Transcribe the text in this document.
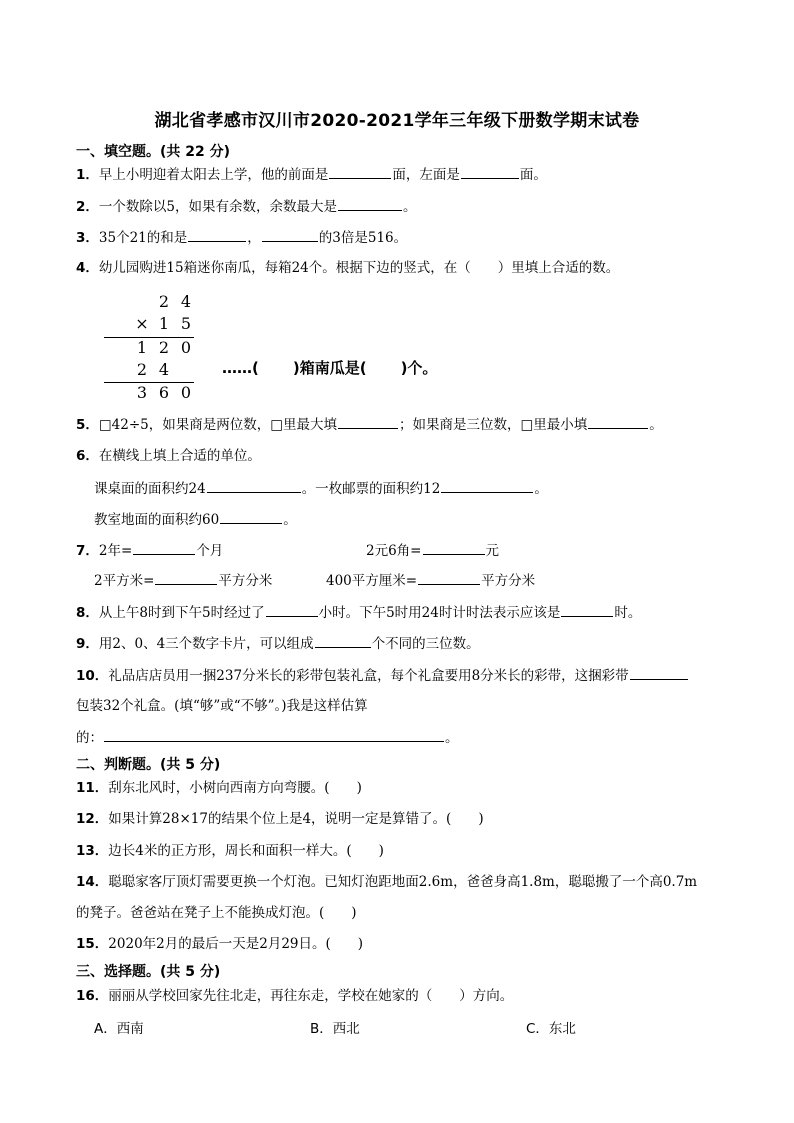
湖北省孝感市汉川市2020-2021学年三年级下册数学期末试卷
一、填空题。(共 22 分)
1．早上小明迎着太阳去上学，他的前面是	面，左面是	面。
2．一个数除以5，如果有余数，余数最大是	。
3．35个21的和是	，	的3倍是516。
4．幼儿园购进15箱迷你南瓜，每箱24个。根据下边的竖式，在（　　）里填上合适的数。
2 4
× 1 5
1 2 0
2 4
3 6 0
……( )箱南瓜是( )个。
5．□42÷5，如果商是两位数，□里最大填	；如果商是三位数，□里最小填	。
6．在横线上填上合适的单位。
课桌面的面积约24	。一枚邮票的面积约12	。
教室地面的面积约60	。
7．2年=	个月	2元6角=	元
2平方米=	平方分米	400平方厘米=	平方分米
8．从上午8时到下午5时经过了	小时。下午5时用24时计时法表示应该是	时。
9．用2、0、4三个数字卡片，可以组成	个不同的三位数。
10．礼品店店员用一捆237分米长的彩带包装礼盒，每个礼盒要用8分米长的彩带，这捆彩带
包装32个礼盒。(填“够”或“不够”。)我是这样估算
的：	。
二、判断题。(共 5 分)
11．刮东北风时，小树向西南方向弯腰。(　　)
12．如果计算28×17的结果个位上是4，说明一定是算错了。(　　)
13．边长4米的正方形，周长和面积一样大。(　　)
14．聪聪家客厅顶灯需要更换一个灯泡。已知灯泡距地面2.6m，爸爸身高1.8m，聪聪搬了一个高0.7m
的凳子。爸爸站在凳子上不能换成灯泡。(　　)
15．2020年2月的最后一天是2月29日。(　　)
三、选择题。(共 5 分)
16．丽丽从学校回家先往北走，再往东走，学校在她家的（　　）方向。
A．西南	B．西北	C．东北
